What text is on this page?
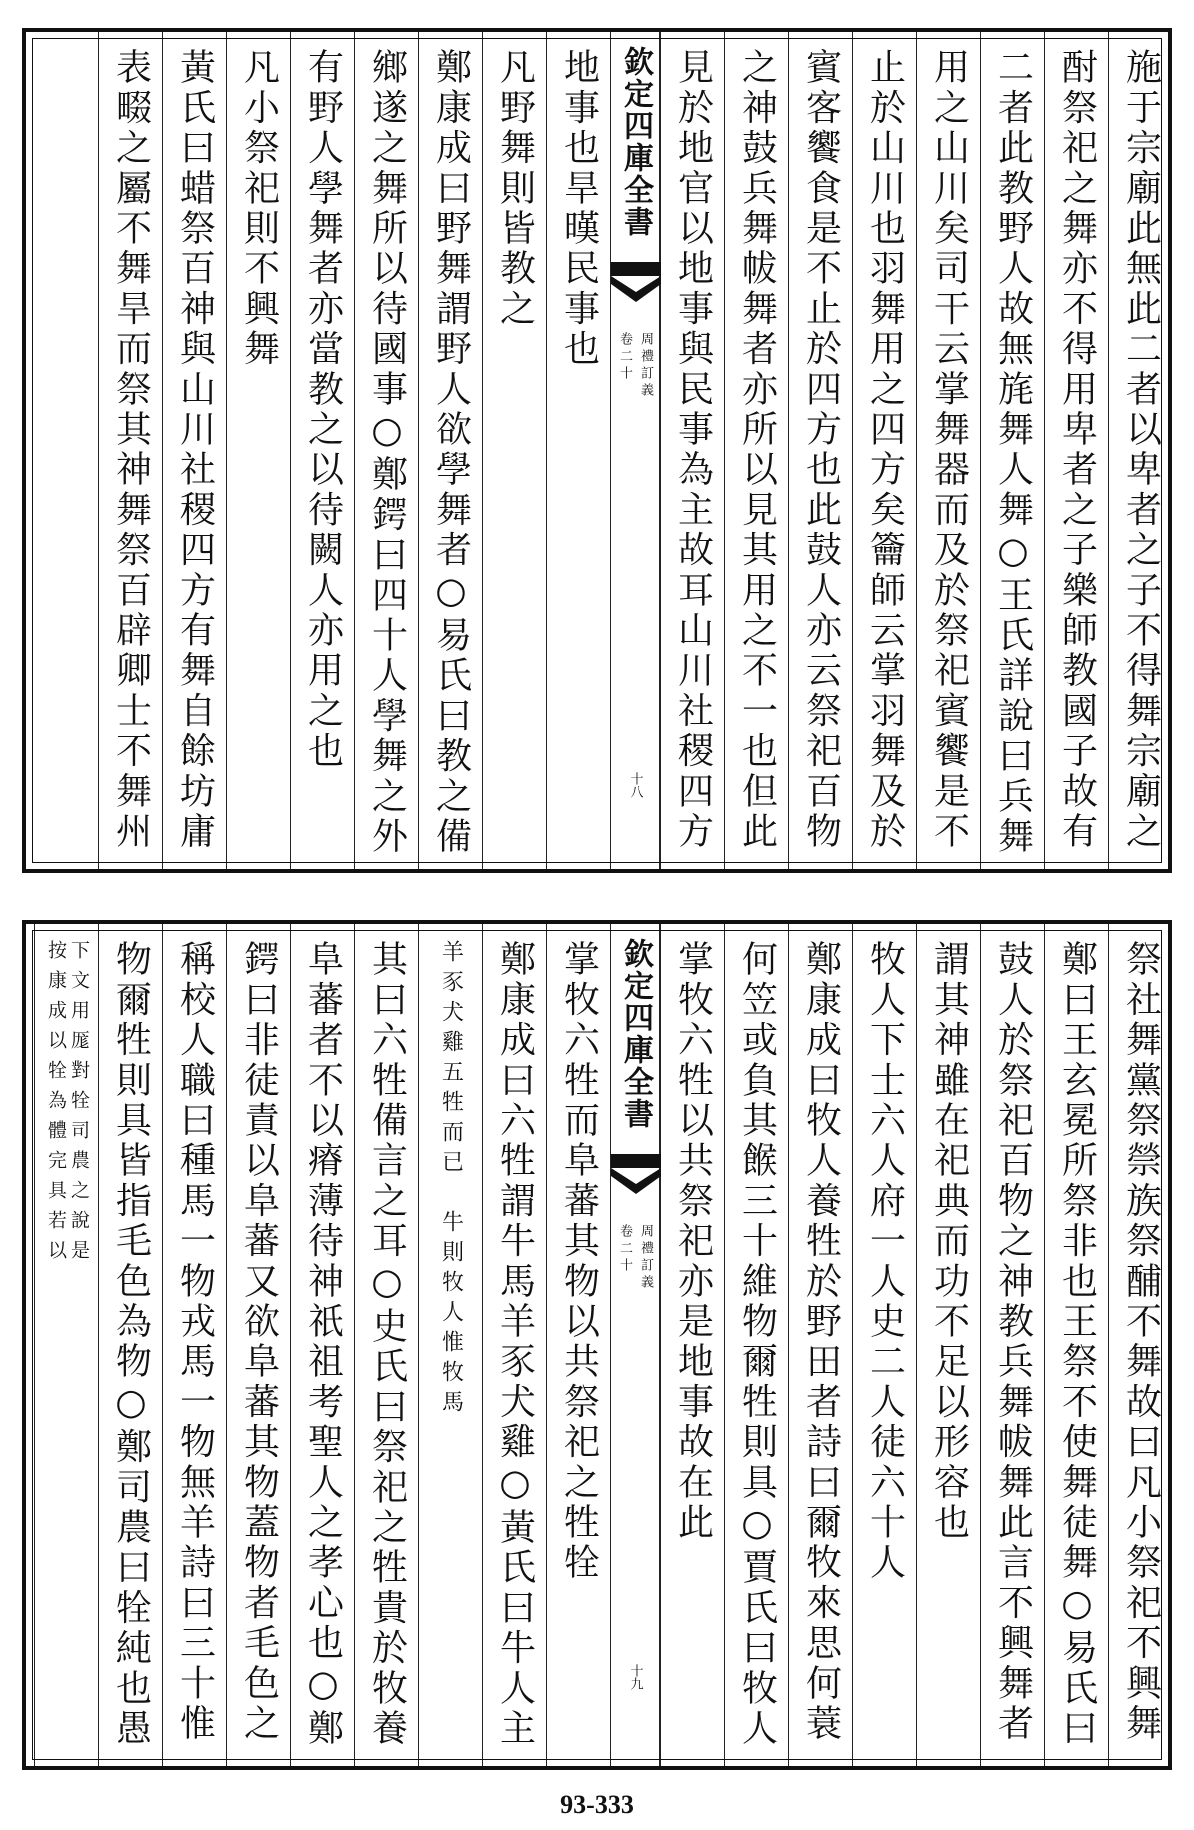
施于宗廟此無此二者以卑者之子不得舞宗廟之
酎祭祀之舞亦不得用卑者之子樂師教國子故有
二者此教野人故無旄舞人舞○王氏詳說曰兵舞
用之山川矣司干云掌舞器而及於祭祀賓饗是不
止於山川也羽舞用之四方矣籥師云掌羽舞及於
賓客饗食是不止於四方也此鼓人亦云祭祀百物
之神鼓兵舞帗舞者亦所以見其用之不一也但此
見於地官以地事與民事為主故耳山川社稷四方
欽定四庫全書
周禮訂義
卷二十
十八
地事也旱暵民事也
凡野舞則皆教之
鄭康成曰野舞謂野人欲學舞者○易氏曰教之備
鄉遂之舞所以待國事○鄭鍔曰四十人學舞之外
有野人學舞者亦當教之以待闕人亦用之也
凡小祭祀則不興舞
黃氏曰蜡祭百神與山川社稷四方有舞自餘坊庸
表畷之屬不舞旱而祭其神舞祭百辟卿士不舞州
祭社舞黨祭禜族祭酺不舞故曰凡小祭祀不興舞
鄭曰王玄冕所祭非也王祭不使舞徒舞○易氏曰
鼓人於祭祀百物之神教兵舞帗舞此言不興舞者
謂其神雖在祀典而功不足以形容也
牧人下士六人府一人史二人徒六十人
鄭康成曰牧人養牲於野田者詩曰爾牧來思何蓑
何笠或負其餱三十維物爾牲則具○賈氏曰牧人
掌牧六牲以共祭祀亦是地事故在此
欽定四庫全書
周禮訂義
卷二十
十九
掌牧六牲而阜蕃其物以共祭祀之牲牷
鄭康成曰六牲謂牛馬羊豕犬雞○黃氏曰牛人主
羊豕犬雞五牲而已　牛則牧人惟牧馬
其曰六牲備言之耳○史氏曰祭祀之牲貴於牧養
阜蕃者不以瘠薄待神祇祖考聖人之孝心也○鄭
鍔曰非徒責以阜蕃又欲阜蕃其物蓋物者毛色之
稱校人職曰種馬一物戎馬一物無羊詩曰三十惟
物爾牲則具皆指毛色為物○鄭司農曰牷純也愚
按康成以牷為體完具若以 下文用厖對牷司農之說是
93-333
